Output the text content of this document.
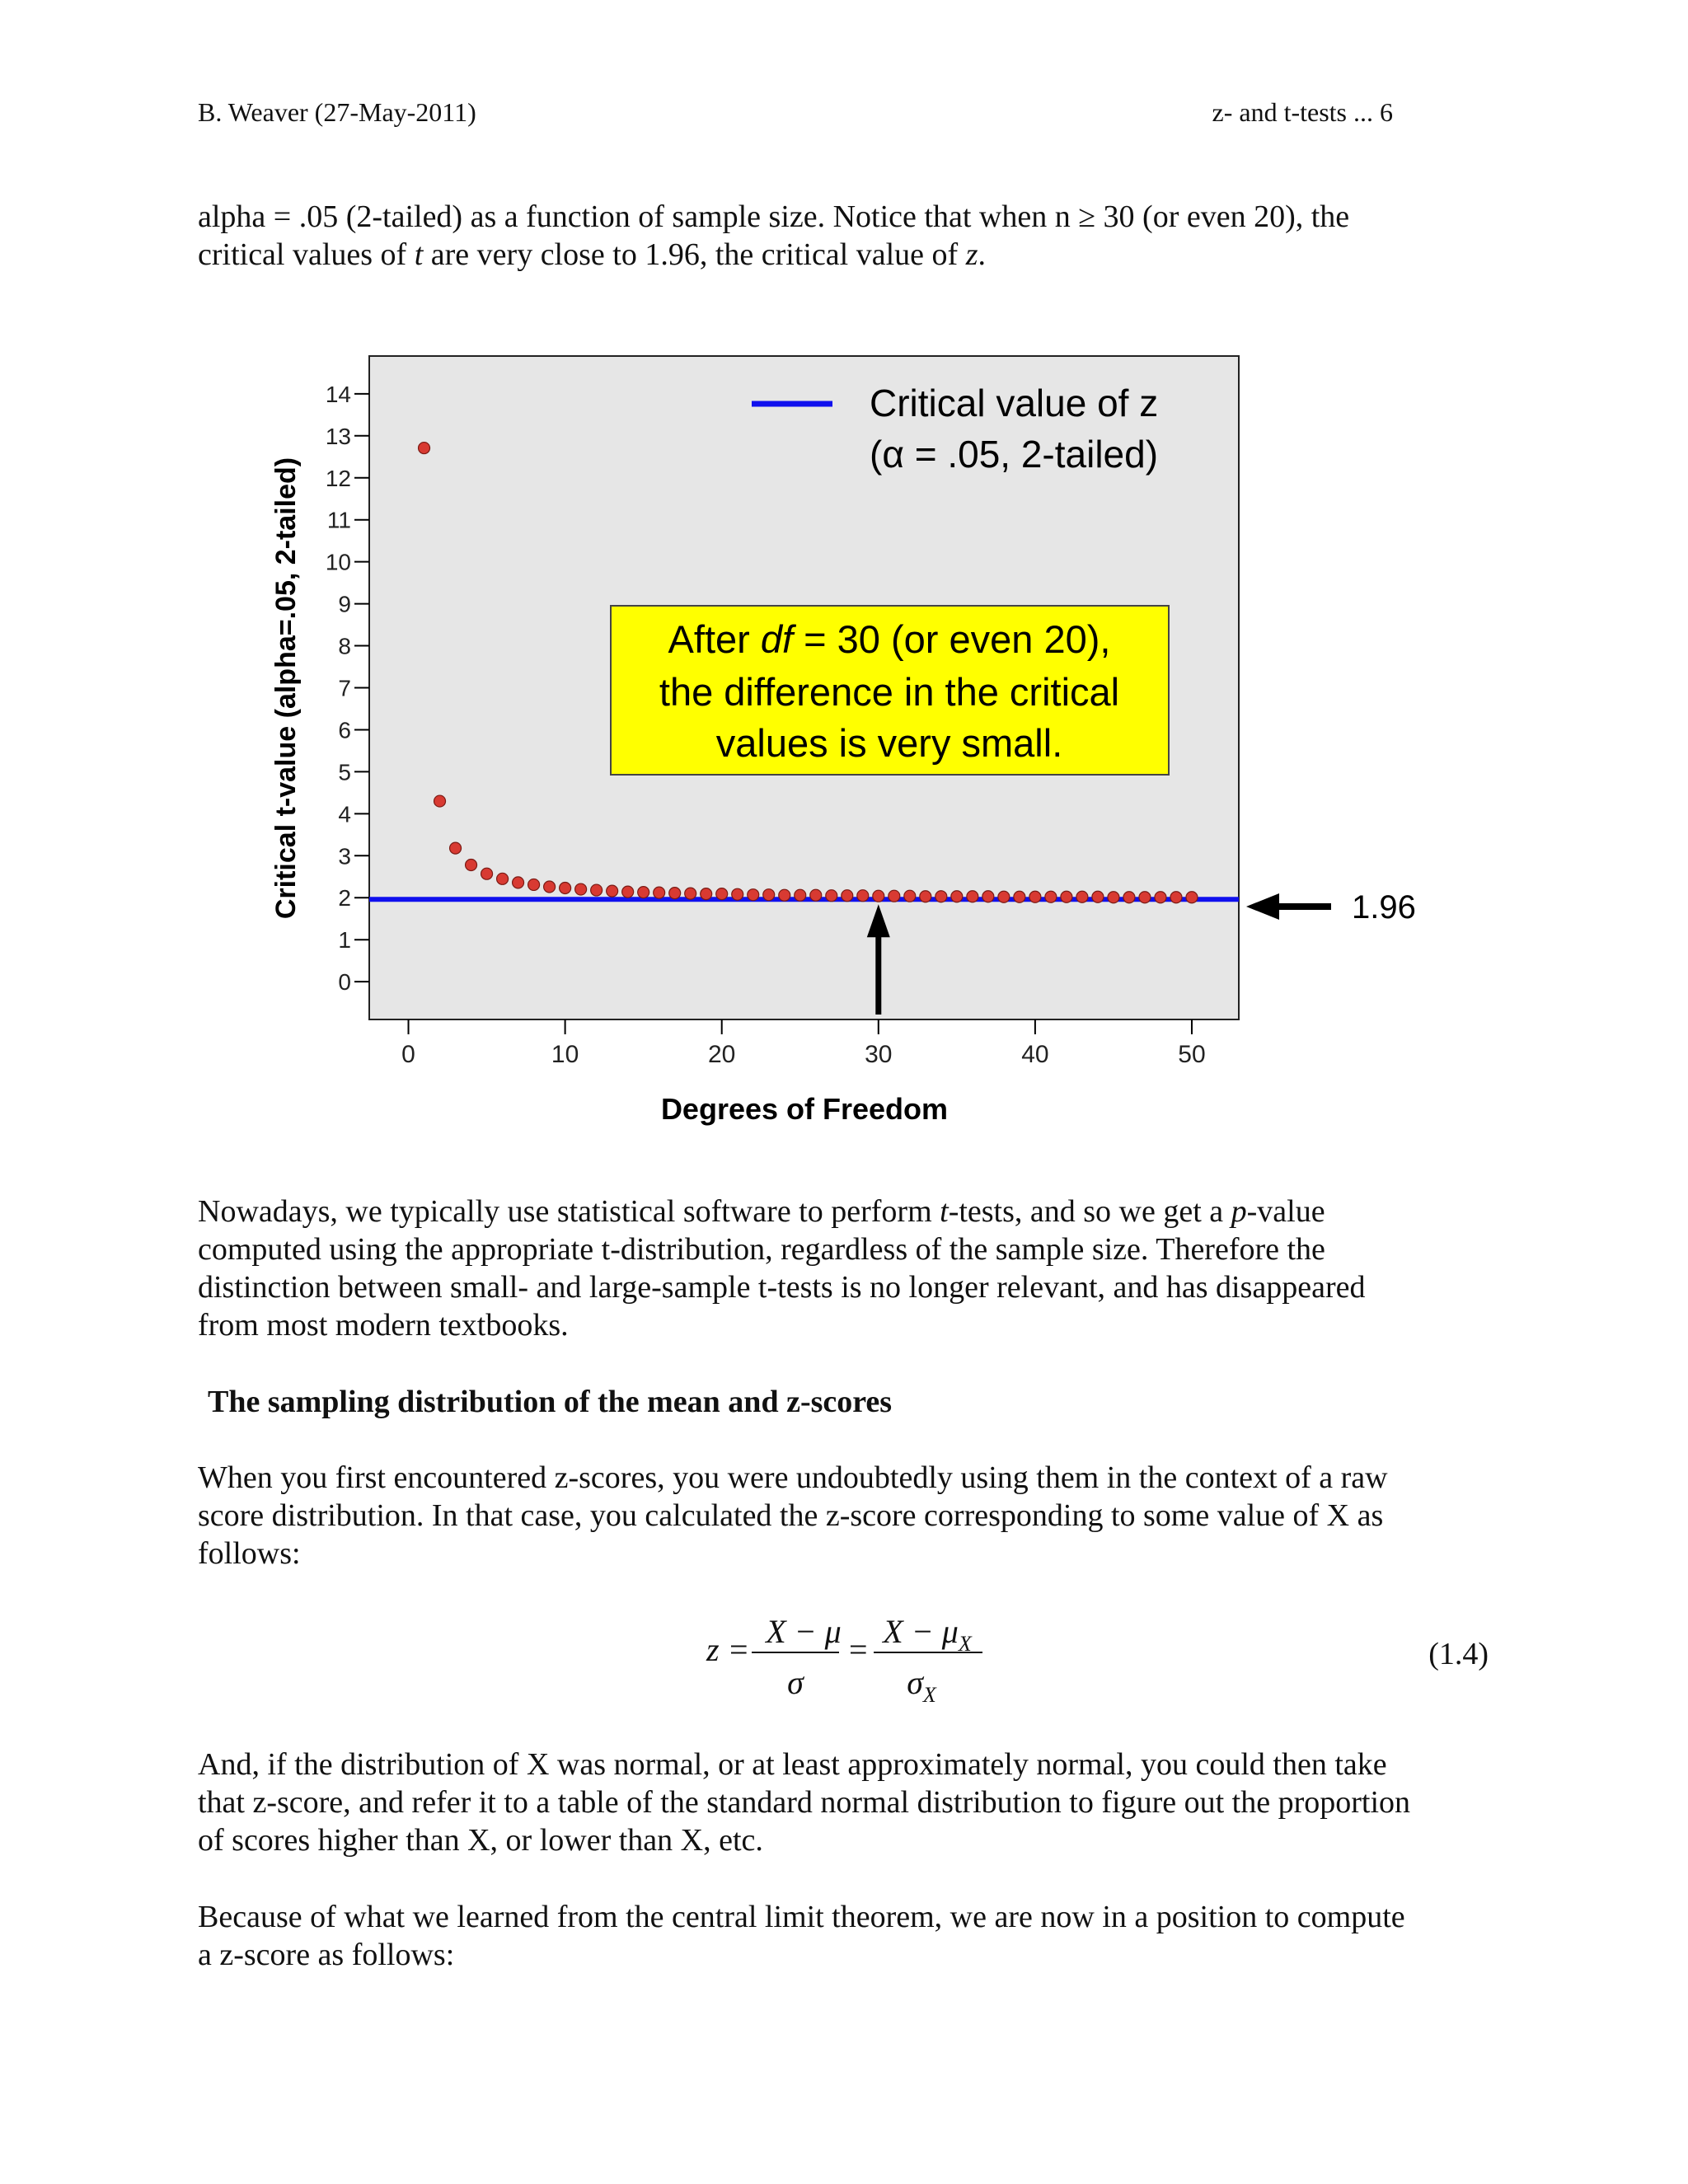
B. Weaver (27-May-2011)	z- and t-tests ... 6

alpha = .05 (2-tailed) as a function of sample size. Notice that when n ≥ 30 (or even 20), the
critical values of t are very close to 1.96, the critical value of z.

0
1
2
3
4
5
6
7
8
9
10
11
12
13
14
0	10	20	30	40	50
Critical value of z
(α = .05, 2-tailed)
After df = 30 (or even 20),
the difference in the critical
values is very small.
1.96
Degrees of Freedom
Critical t-value (alpha=.05, 2-tailed)

Nowadays, we typically use statistical software to perform t-tests, and so we get a p-value
computed using the appropriate t-distribution, regardless of the sample size. Therefore the
distinction between small- and large-sample t-tests is no longer relevant, and has disappeared
from most modern textbooks.

The sampling distribution of the mean and z-scores

When you first encountered z-scores, you were undoubtedly using them in the context of a raw
score distribution. In that case, you calculated the z-score corresponding to some value of X as
follows:

z = X − μ
σ
= $X - \mu_X$
$\sigma_X$
(1.4)

And, if the distribution of X was normal, or at least approximately normal, you could then take
that z-score, and refer it to a table of the standard normal distribution to figure out the proportion
of scores higher than X, or lower than X, etc.

Because of what we learned from the central limit theorem, we are now in a position to compute
a z-score as follows:
